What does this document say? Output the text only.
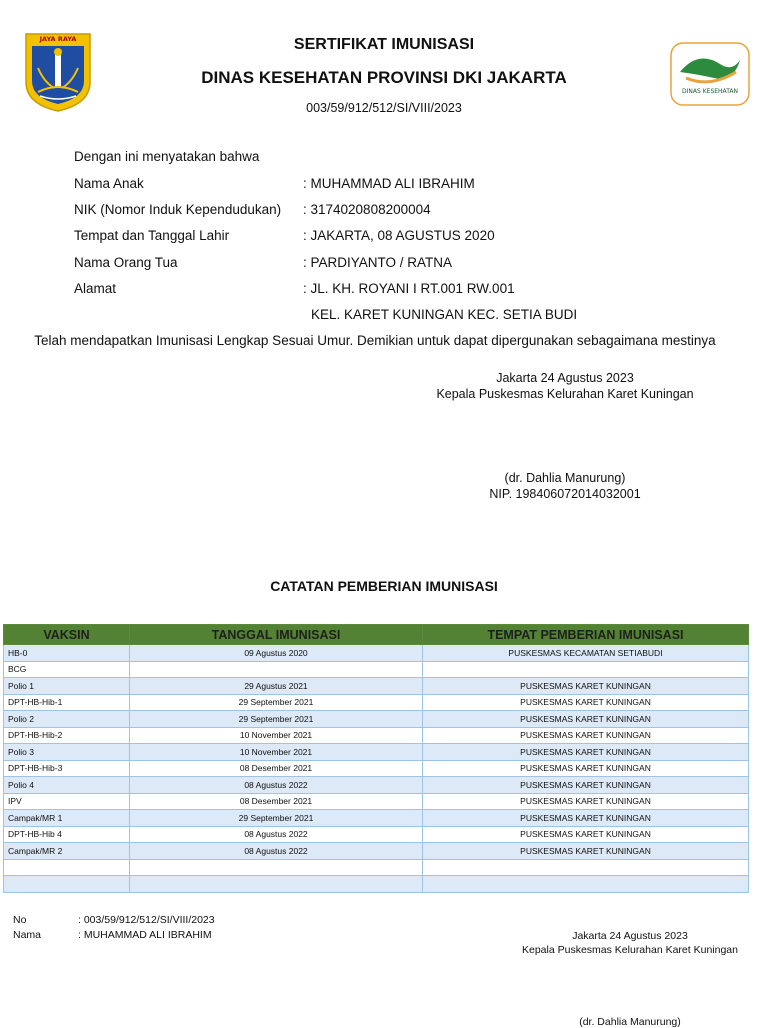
JAYA RAYA
DINAS KESEHATAN
SERTIFIKAT IMUNISASI
DINAS KESEHATAN PROVINSI DKI JAKARTA
003/59/912/512/SI/VIII/2023
Dengan ini menyatakan bahwa
Nama Anak	: MUHAMMAD ALI IBRAHIM
NIK (Nomor Induk Kependudukan) : 3174020808200004
Tempat dan Tanggal Lahir	: JAKARTA, 08 AGUSTUS 2020
Nama Orang Tua	: PARDIYANTO / RATNA
Alamat	: JL. KH. ROYANI I RT.001 RW.001
KEL. KARET KUNINGAN KEC. SETIA BUDI
Telah mendapatkan Imunisasi Lengkap Sesuai Umur. Demikian untuk dapat dipergunakan sebagaimana mestinya
Jakarta 24 Agustus 2023
Kepala Puskesmas Kelurahan Karet Kuningan
(dr. Dahlia Manurung)
NIP. 198406072014032001
CATATAN PEMBERIAN IMUNISASI
VAKSIN	TANGGAL IMUNISASI	TEMPAT PEMBERIAN IMUNISASI
HB-0	09 Agustus 2020	PUSKESMAS KECAMATAN SETIABUDI
BCG		
Polio 1	29 Agustus 2021	PUSKESMAS KARET KUNINGAN
DPT-HB-Hib-1	29 September 2021	PUSKESMAS KARET KUNINGAN
Polio 2	29 September 2021	PUSKESMAS KARET KUNINGAN
DPT-HB-Hib-2	10 November 2021	PUSKESMAS KARET KUNINGAN
Polio 3	10 November 2021	PUSKESMAS KARET KUNINGAN
DPT-HB-Hib-3	08 Desember 2021	PUSKESMAS KARET KUNINGAN
Polio 4	08 Agustus 2022	PUSKESMAS KARET KUNINGAN
IPV	08 Desember 2021	PUSKESMAS KARET KUNINGAN
Campak/MR 1	29 September 2021	PUSKESMAS KARET KUNINGAN
DPT-HB-Hib 4	08 Agustus 2022	PUSKESMAS KARET KUNINGAN
Campak/MR 2	08 Agustus 2022	PUSKESMAS KARET KUNINGAN

No	: 003/59/912/512/SI/VIII/2023
Nama	: MUHAMMAD ALI IBRAHIM	Jakarta 24 Agustus 2023
Kepala Puskesmas Kelurahan Karet Kuningan
(dr. Dahlia Manurung)
